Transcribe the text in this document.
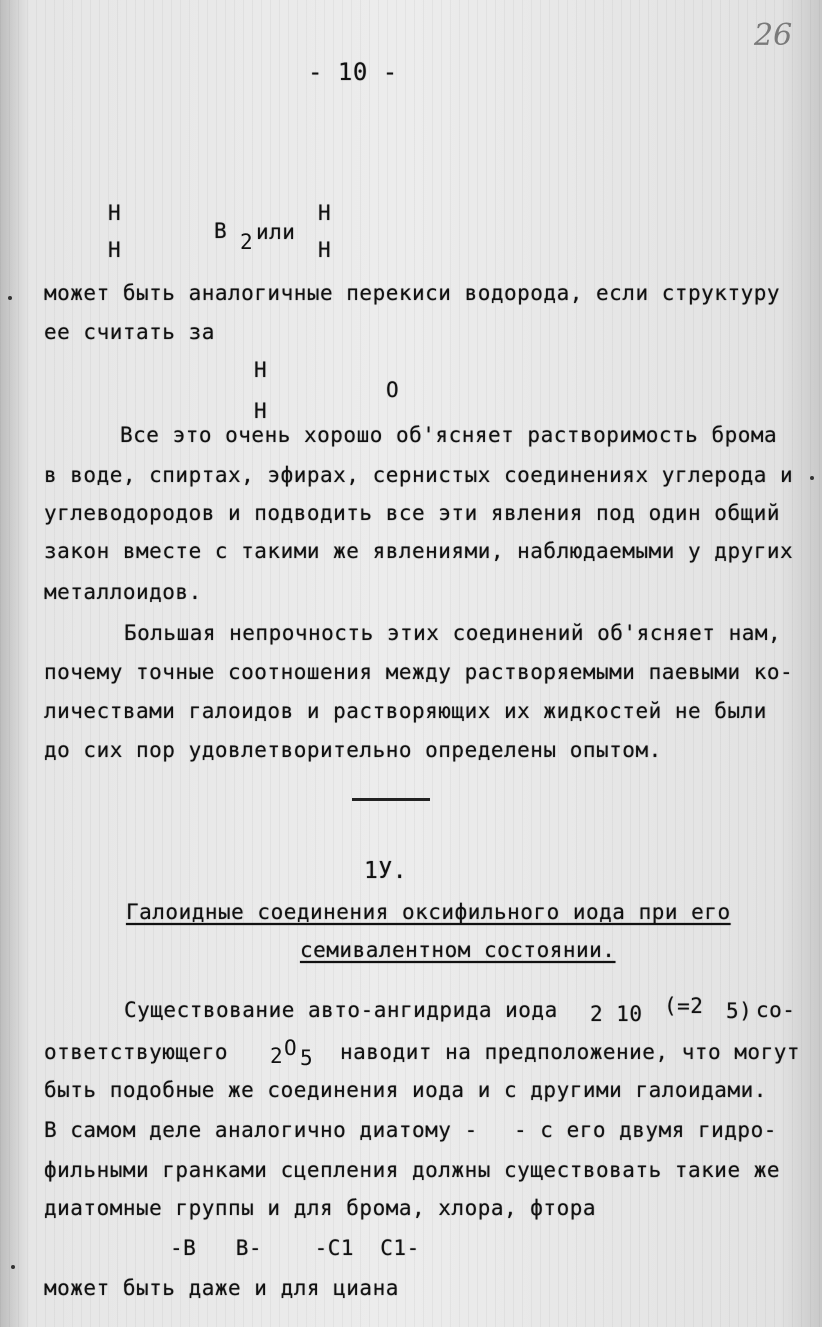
26
- 10 -
Н
Н
В 2 или
Н
Н
может быть аналогичные перекиси водорода, если структуру
ее считать за
Н
Н
О
Все это очень хорошо об'ясняет растворимость брома
в воде, спиртах, эфирах, сернистых соединениях углерода и
углеводородов и подводить все эти явления под один общий
закон вместе с такими же явлениями, наблюдаемыми у других
металлоидов.
Большая непрочность этих соединений об'ясняет нам,
почему точные соотношения между растворяемыми паевыми ко-
личествами галоидов и растворяющих их жидкостей не были
до сих пор удовлетворительно определены опытом.
1У.
Галоидные соединения оксифильного иода при его
семивалентном состоянии.
Существование авто-ангидрида иода 2 10 (=2 5) со-
ответствующего 2 О 5 наводит на предположение, что могут
быть подобные же соединения иода и с другими галоидами.
В самом деле аналогично диатому - - с его двумя гидро-
фильными гранками сцепления должны существовать такие же
диатомные группы и для брома, хлора, фтора
-В   В-    -С1  С1-
может быть даже и для циана
